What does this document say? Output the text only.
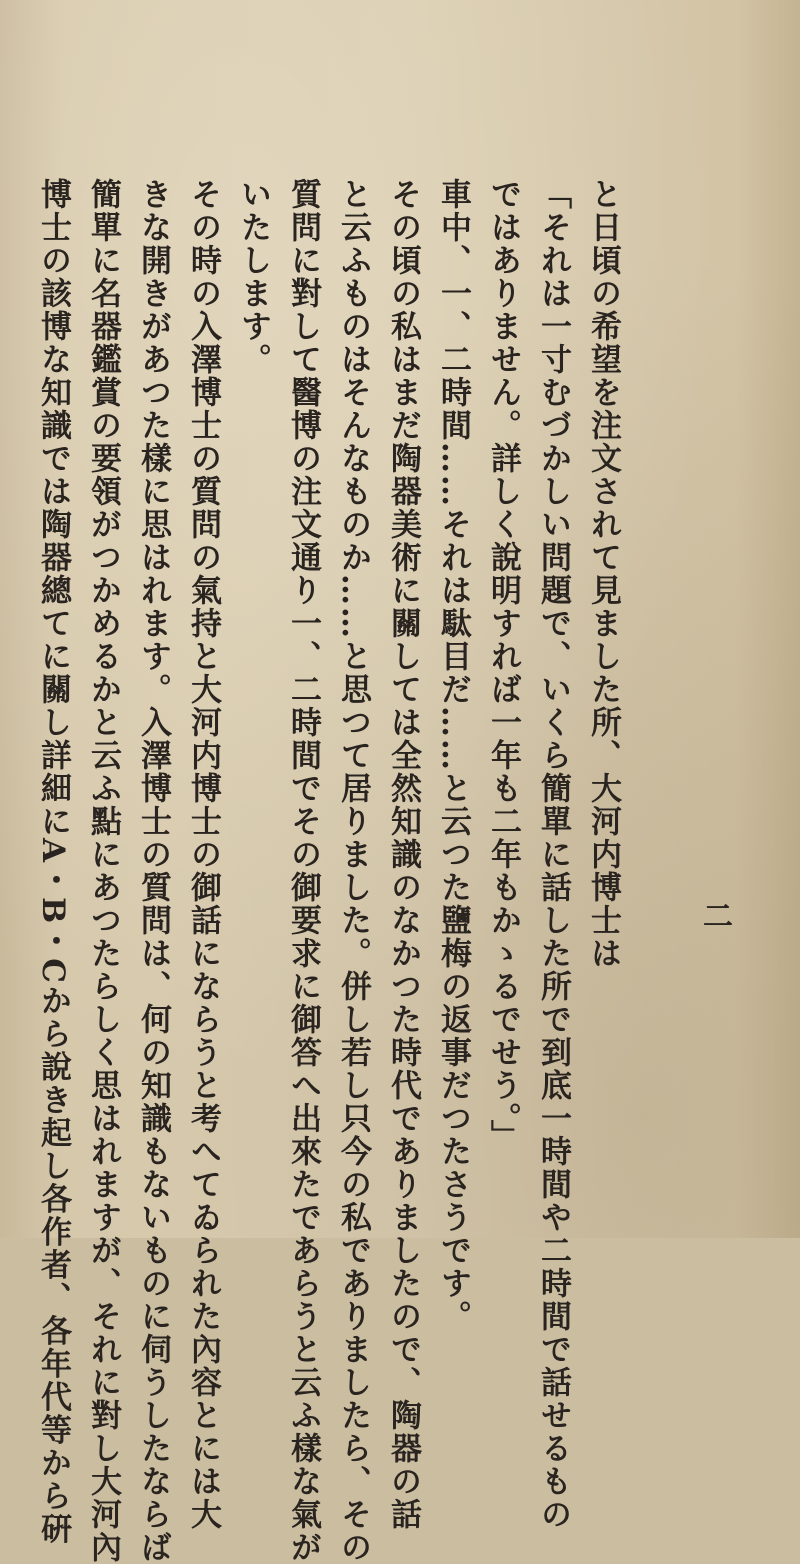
と日頃の希望を注文されて見ました所、大河内博士は
「それは一寸むづかしい問題で、いくら簡單に話した所で到底一時間や二時間で話せるもの
ではありません。詳しく說明すれば一年も二年もかゝるでせう。」
車中、一、二時間……それは駄目だ……と云つた鹽梅の返事だつたさうです。
その頃の私はまだ陶器美術に關しては全然知識のなかつた時代でありましたので、陶器の話
と云ふものはそんなものか……と思つて居りました。併し若し只今の私でありましたら、その
質問に對して醫博の注文通り一、二時間でその御要求に御答へ出來たであらうと云ふ樣な氣が
いたします。
その時の入澤博士の質問の氣持と大河内博士の御話にならうと考へてゐられた內容とには大
きな開きがあつた樣に思はれます。入澤博士の質問は、何の知識もないものに伺うしたならば
簡單に名器鑑賞の要領がつかめるかと云ふ點にあつたらしく思はれますが、それに對し大河內
博士の該博な知識では陶器總てに關し詳細にA・B・Cから說き起し各作者、各年代等から硏	二
